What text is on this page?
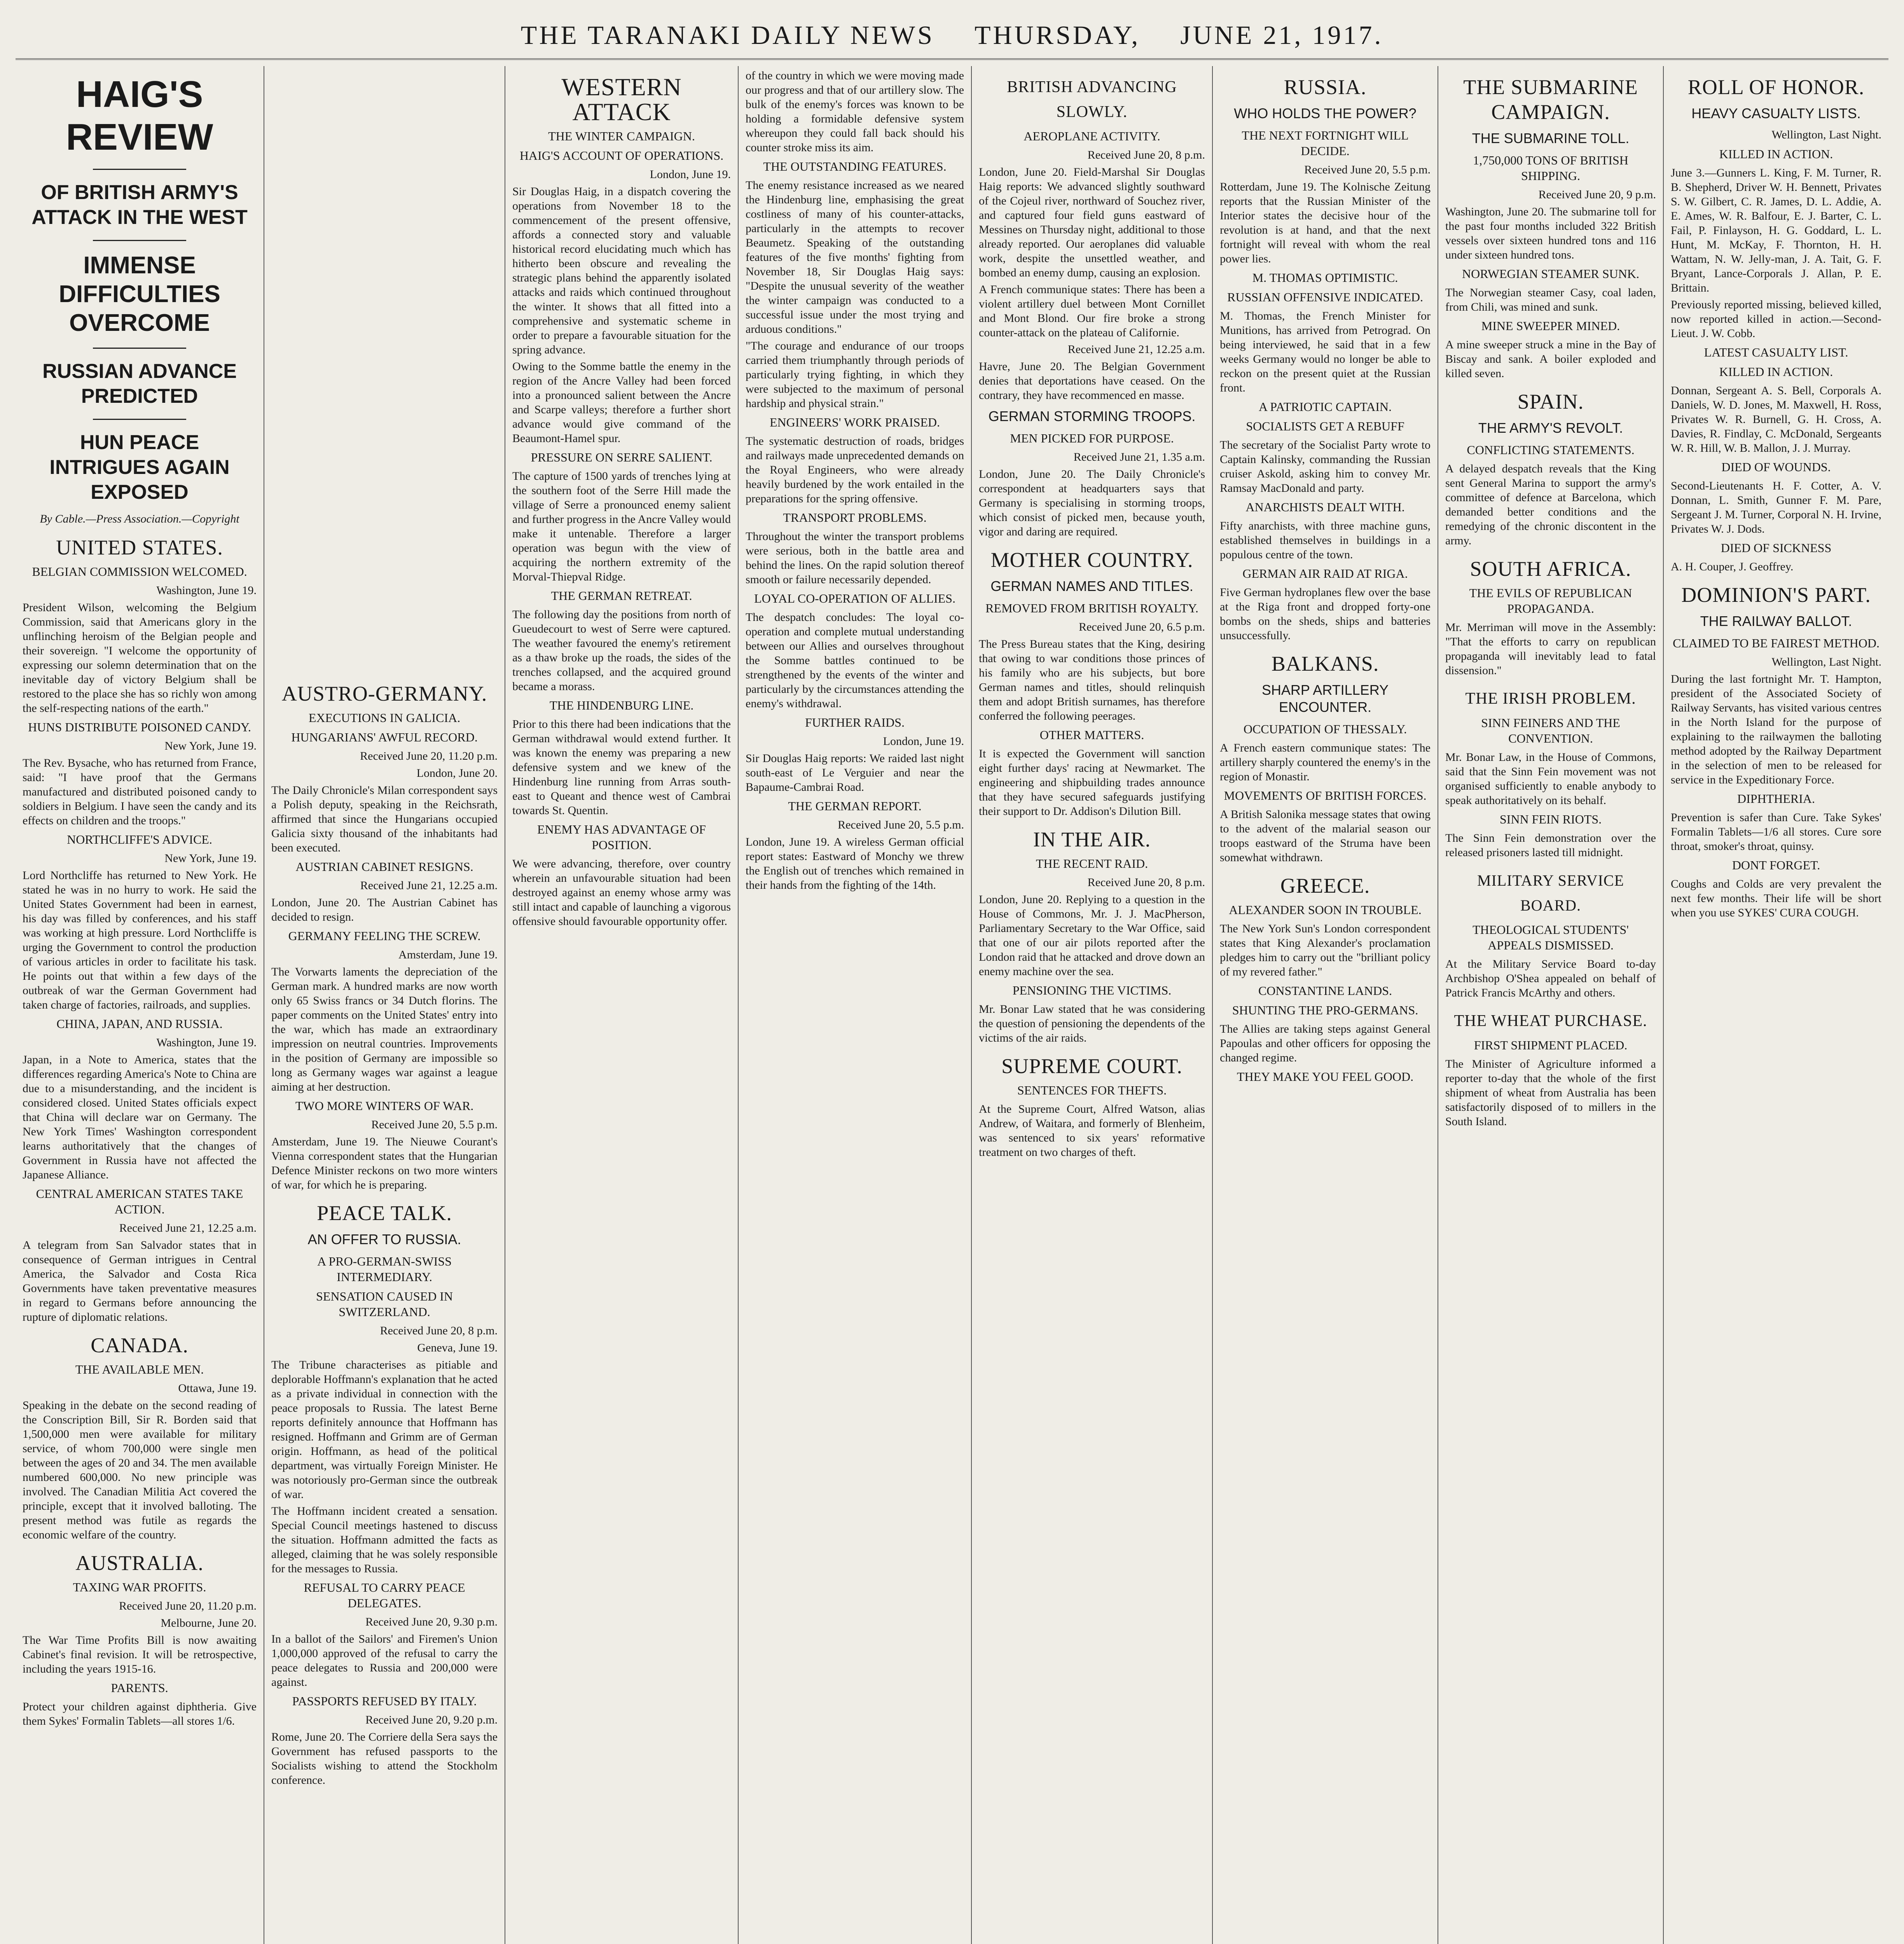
THE TARANAKI DAILY NEWS THURSDAY, JUNE 21, 1917.
HAIG'S REVIEW
OF BRITISH ARMY'S ATTACK IN THE WEST
IMMENSE DIFFICULTIES OVERCOME
RUSSIAN ADVANCE PREDICTED
HUN PEACE INTRIGUES AGAIN EXPOSED
By Cable.—Press Association.—Copyright
UNITED STATES.
BELGIAN COMMISSION WELCOMED.
Washington, June 19.
President Wilson, welcoming the Belgium Commission, said that Americans glory in the unflinching heroism of the Belgian people and their sovereign. "I welcome the opportunity of expressing our solemn determination that on the inevitable day of victory Belgium shall be restored to the place she has so richly won among the self-respecting nations of the earth."
HUNS DISTRIBUTE POISONED CANDY.
New York, June 19.
The Rev. Bysache, who has returned from France, said: "I have proof that the Germans manufactured and distributed poisoned candy to soldiers in Belgium. I have seen the candy and its effects on children and the troops."
NORTHCLIFFE'S ADVICE.
New York, June 19.
Lord Northcliffe has returned to New York. He stated he was in no hurry to work. He said the United States Government had been in earnest, his day was filled by conferences, and his staff was working at high pressure. Lord Northcliffe is urging the Government to control the production of various articles in order to facilitate his task. He points out that within a few days of the outbreak of war the German Government had taken charge of factories, railroads, and supplies.
CHINA, JAPAN, AND RUSSIA.
Washington, June 19.
Japan, in a Note to America, states that the differences regarding America's Note to China are due to a misunderstanding, and the incident is considered closed. United States officials expect that China will declare war on Germany. The New York Times' Washington correspondent learns authoritatively that the changes of Government in Russia have not affected the Japanese Alliance.
CENTRAL AMERICAN STATES TAKE ACTION.
Received June 21, 12.25 a.m.
A telegram from San Salvador states that in consequence of German intrigues in Central America, the Salvador and Costa Rica Governments have taken preventative measures in regard to Germans before announcing the rupture of diplomatic relations.
CANADA.
THE AVAILABLE MEN.
Ottawa, June 19.
Speaking in the debate on the second reading of the Conscription Bill, Sir R. Borden said that 1,500,000 men were available for military service, of whom 700,000 were single men between the ages of 20 and 34. The men available numbered 600,000. No new principle was involved. The Canadian Militia Act covered the principle, except that it involved balloting. The present method was futile as regards the economic welfare of the country.
AUSTRALIA.
TAXING WAR PROFITS.
Received June 20, 11.20 p.m.
Melbourne, June 20.
The War Time Profits Bill is now awaiting Cabinet's final revision. It will be retrospective, including the years 1915-16.
PARENTS.
Protect your children against diphtheria. Give them Sykes' Formalin Tablets—all stores 1/6.
AUSTRO-GERMANY.
EXECUTIONS IN GALICIA.
HUNGARIANS' AWFUL RECORD.
Received June 20, 11.20 p.m.
London, June 20.
The Daily Chronicle's Milan correspondent says a Polish deputy, speaking in the Reichsrath, affirmed that since the Hungarians occupied Galicia sixty thousand of the inhabitants had been executed.
AUSTRIAN CABINET RESIGNS.
Received June 21, 12.25 a.m.
London, June 20. The Austrian Cabinet has decided to resign.
GERMANY FEELING THE SCREW.
Amsterdam, June 19.
The Vorwarts laments the depreciation of the German mark. A hundred marks are now worth only 65 Swiss francs or 34 Dutch florins. The paper comments on the United States' entry into the war, which has made an extraordinary impression on neutral countries. Improvements in the position of Germany are impossible so long as Germany wages war against a league aiming at her destruction.
TWO MORE WINTERS OF WAR.
Received June 20, 5.5 p.m.
Amsterdam, June 19. The Nieuwe Courant's Vienna correspondent states that the Hungarian Defence Minister reckons on two more winters of war, for which he is preparing.
PEACE TALK.
AN OFFER TO RUSSIA.
A PRO-GERMAN-SWISS INTERMEDIARY.
SENSATION CAUSED IN SWITZERLAND.
Received June 20, 8 p.m.
Geneva, June 19.
The Tribune characterises as pitiable and deplorable Hoffmann's explanation that he acted as a private individual in connection with the peace proposals to Russia. The latest Berne reports definitely announce that Hoffmann has resigned. Hoffmann and Grimm are of German origin. Hoffmann, as head of the political department, was virtually Foreign Minister. He was notoriously pro-German since the outbreak of war.
The Hoffmann incident created a sensation. Special Council meetings hastened to discuss the situation. Hoffmann admitted the facts as alleged, claiming that he was solely responsible for the messages to Russia.
REFUSAL TO CARRY PEACE DELEGATES.
Received June 20, 9.30 p.m.
In a ballot of the Sailors' and Firemen's Union 1,000,000 approved of the refusal to carry the peace delegates to Russia and 200,000 were against.
PASSPORTS REFUSED BY ITALY.
Received June 20, 9.20 p.m.
Rome, June 20. The Corriere della Sera says the Government has refused passports to the Socialists wishing to attend the Stockholm conference.
WESTERN ATTACK
THE WINTER CAMPAIGN.
HAIG'S ACCOUNT OF OPERATIONS.
London, June 19.
Sir Douglas Haig, in a dispatch covering the operations from November 18 to the commencement of the present offensive, affords a connected story and valuable historical record elucidating much which has hitherto been obscure and revealing the strategic plans behind the apparently isolated attacks and raids which continued throughout the winter. It shows that all fitted into a comprehensive and systematic scheme in order to prepare a favourable situation for the spring advance.
Owing to the Somme battle the enemy in the region of the Ancre Valley had been forced into a pronounced salient between the Ancre and Scarpe valleys; therefore a further short advance would give command of the Beaumont-Hamel spur.
PRESSURE ON SERRE SALIENT.
The capture of 1500 yards of trenches lying at the southern foot of the Serre Hill made the village of Serre a pronounced enemy salient and further progress in the Ancre Valley would make it untenable. Therefore a larger operation was begun with the view of acquiring the northern extremity of the Morval-Thiepval Ridge.
THE GERMAN RETREAT.
The following day the positions from north of Gueudecourt to west of Serre were captured. The weather favoured the enemy's retirement as a thaw broke up the roads, the sides of the trenches collapsed, and the acquired ground became a morass.
THE HINDENBURG LINE.
Prior to this there had been indications that the German withdrawal would extend further. It was known the enemy was preparing a new defensive system and we knew of the Hindenburg line running from Arras south-east to Queant and thence west of Cambrai towards St. Quentin.
ENEMY HAS ADVANTAGE OF POSITION.
We were advancing, therefore, over country wherein an unfavourable situation had been destroyed against an enemy whose army was still intact and capable of launching a vigorous offensive should favourable opportunity offer.
of the country in which we were moving made our progress and that of our artillery slow. The bulk of the enemy's forces was known to be holding a formidable defensive system whereupon they could fall back should his counter stroke miss its aim.
THE OUTSTANDING FEATURES.
The enemy resistance increased as we neared the Hindenburg line, emphasising the great costliness of many of his counter-attacks, particularly in the attempts to recover Beaumetz. Speaking of the outstanding features of the five months' fighting from November 18, Sir Douglas Haig says: "Despite the unusual severity of the weather the winter campaign was conducted to a successful issue under the most trying and arduous conditions."
"The courage and endurance of our troops carried them triumphantly through periods of particularly trying fighting, in which they were subjected to the maximum of personal hardship and physical strain."
ENGINEERS' WORK PRAISED.
The systematic destruction of roads, bridges and railways made unprecedented demands on the Royal Engineers, who were already heavily burdened by the work entailed in the preparations for the spring offensive.
TRANSPORT PROBLEMS.
Throughout the winter the transport problems were serious, both in the battle area and behind the lines. On the rapid solution thereof smooth or failure necessarily depended.
LOYAL CO-OPERATION OF ALLIES.
The despatch concludes: The loyal co-operation and complete mutual understanding between our Allies and ourselves throughout the Somme battles continued to be strengthened by the events of the winter and particularly by the circumstances attending the enemy's withdrawal.
FURTHER RAIDS.
London, June 19.
Sir Douglas Haig reports: We raided last night south-east of Le Verguier and near the Bapaume-Cambrai Road.
THE GERMAN REPORT.
Received June 20, 5.5 p.m.
London, June 19. A wireless German official report states: Eastward of Monchy we threw the English out of trenches which remained in their hands from the fighting of the 14th.
BRITISH ADVANCING SLOWLY.
AEROPLANE ACTIVITY.
Received June 20, 8 p.m.
London, June 20. Field-Marshal Sir Douglas Haig reports: We advanced slightly southward of the Cojeul river, northward of Souchez river, and captured four field guns eastward of Messines on Thursday night, additional to those already reported. Our aeroplanes did valuable work, despite the unsettled weather, and bombed an enemy dump, causing an explosion.
A French communique states: There has been a violent artillery duel between Mont Cornillet and Mont Blond. Our fire broke a strong counter-attack on the plateau of Californie.
Received June 21, 12.25 a.m.
Havre, June 20. The Belgian Government denies that deportations have ceased. On the contrary, they have recommenced en masse.
GERMAN STORMING TROOPS.
MEN PICKED FOR PURPOSE.
Received June 21, 1.35 a.m.
London, June 20. The Daily Chronicle's correspondent at headquarters says that Germany is specialising in storming troops, which consist of picked men, because youth, vigor and daring are required.
MOTHER COUNTRY.
GERMAN NAMES AND TITLES.
REMOVED FROM BRITISH ROYALTY.
Received June 20, 6.5 p.m.
The Press Bureau states that the King, desiring that owing to war conditions those princes of his family who are his subjects, but bore German names and titles, should relinquish them and adopt British surnames, has therefore conferred the following peerages.
OTHER MATTERS.
It is expected the Government will sanction eight further days' racing at Newmarket. The engineering and shipbuilding trades announce that they have secured safeguards justifying their support to Dr. Addison's Dilution Bill.
IN THE AIR.
THE RECENT RAID.
Received June 20, 8 p.m.
London, June 20. Replying to a question in the House of Commons, Mr. J. J. MacPherson, Parliamentary Secretary to the War Office, said that one of our air pilots reported after the London raid that he attacked and drove down an enemy machine over the sea.
PENSIONING THE VICTIMS.
Mr. Bonar Law stated that he was considering the question of pensioning the dependents of the victims of the air raids.
SUPREME COURT.
SENTENCES FOR THEFTS.
At the Supreme Court, Alfred Watson, alias Andrew, of Waitara, and formerly of Blenheim, was sentenced to six years' reformative treatment on two charges of theft.
RUSSIA.
WHO HOLDS THE POWER?
THE NEXT FORTNIGHT WILL DECIDE.
Received June 20, 5.5 p.m.
Rotterdam, June 19. The Kolnische Zeitung reports that the Russian Minister of the Interior states the decisive hour of the revolution is at hand, and that the next fortnight will reveal with whom the real power lies.
M. THOMAS OPTIMISTIC.
RUSSIAN OFFENSIVE INDICATED.
M. Thomas, the French Minister for Munitions, has arrived from Petrograd. On being interviewed, he said that in a few weeks Germany would no longer be able to reckon on the present quiet at the Russian front.
A PATRIOTIC CAPTAIN.
SOCIALISTS GET A REBUFF
The secretary of the Socialist Party wrote to Captain Kalinsky, commanding the Russian cruiser Askold, asking him to convey Mr. Ramsay MacDonald and party.
ANARCHISTS DEALT WITH.
Fifty anarchists, with three machine guns, established themselves in buildings in a populous centre of the town.
GERMAN AIR RAID AT RIGA.
Five German hydroplanes flew over the base at the Riga front and dropped forty-one bombs on the sheds, ships and batteries unsuccessfully.
BALKANS.
SHARP ARTILLERY ENCOUNTER.
OCCUPATION OF THESSALY.
A French eastern communique states: The artillery sharply countered the enemy's in the region of Monastir.
MOVEMENTS OF BRITISH FORCES.
A British Salonika message states that owing to the advent of the malarial season our troops eastward of the Struma have been somewhat withdrawn.
GREECE.
ALEXANDER SOON IN TROUBLE.
The New York Sun's London correspondent states that King Alexander's proclamation pledges him to carry out the "brilliant policy of my revered father."
CONSTANTINE LANDS.
SHUNTING THE PRO-GERMANS.
The Allies are taking steps against General Papoulas and other officers for opposing the changed regime.
THEY MAKE YOU FEEL GOOD.
THE SUBMARINE CAMPAIGN.
THE SUBMARINE TOLL.
1,750,000 TONS OF BRITISH SHIPPING.
Received June 20, 9 p.m.
Washington, June 20. The submarine toll for the past four months included 322 British vessels over sixteen hundred tons and 116 under sixteen hundred tons.
NORWEGIAN STEAMER SUNK.
The Norwegian steamer Casy, coal laden, from Chili, was mined and sunk.
MINE SWEEPER MINED.
A mine sweeper struck a mine in the Bay of Biscay and sank. A boiler exploded and killed seven.
SPAIN.
THE ARMY'S REVOLT.
CONFLICTING STATEMENTS.
A delayed despatch reveals that the King sent General Marina to support the army's committee of defence at Barcelona, which demanded better conditions and the remedying of the chronic discontent in the army.
SOUTH AFRICA.
THE EVILS OF REPUBLICAN PROPAGANDA.
Mr. Merriman will move in the Assembly: "That the efforts to carry on republican propaganda will inevitably lead to fatal dissension."
THE IRISH PROBLEM.
SINN FEINERS AND THE CONVENTION.
Mr. Bonar Law, in the House of Commons, said that the Sinn Fein movement was not organised sufficiently to enable anybody to speak authoritatively on its behalf.
SINN FEIN RIOTS.
The Sinn Fein demonstration over the released prisoners lasted till midnight.
MILITARY SERVICE BOARD.
THEOLOGICAL STUDENTS' APPEALS DISMISSED.
At the Military Service Board to-day Archbishop O'Shea appealed on behalf of Patrick Francis McArthy and others.
THE WHEAT PURCHASE.
FIRST SHIPMENT PLACED.
The Minister of Agriculture informed a reporter to-day that the whole of the first shipment of wheat from Australia has been satisfactorily disposed of to millers in the South Island.
ROLL OF HONOR.
HEAVY CASUALTY LISTS.
Wellington, Last Night.
KILLED IN ACTION.
June 3.—Gunners L. King, F. M. Turner, R. B. Shepherd, Driver W. H. Bennett, Privates S. W. Gilbert, C. R. James, D. L. Addie, A. E. Ames, W. R. Balfour, E. J. Barter, C. L. Fail, P. Finlayson, H. G. Goddard, L. L. Hunt, M. McKay, F. Thornton, H. H. Wattam, N. W. Jelly-man, J. A. Tait, G. F. Bryant, Lance-Corporals J. Allan, P. E. Brittain.
Previously reported missing, believed killed, now reported killed in action.—Second-Lieut. J. W. Cobb.
LATEST CASUALTY LIST.
KILLED IN ACTION.
Donnan, Sergeant A. S. Bell, Corporals A. Daniels, W. D. Jones, M. Maxwell, H. Ross, Privates W. R. Burnell, G. H. Cross, A. Davies, R. Findlay, C. McDonald, Sergeants W. R. Hill, W. B. Mallon, J. J. Murray.
DIED OF WOUNDS.
Second-Lieutenants H. F. Cotter, A. V. Donnan, L. Smith, Gunner F. M. Pare, Sergeant J. M. Turner, Corporal N. H. Irvine, Privates W. J. Dods.
DIED OF SICKNESS
A. H. Couper, J. Geoffrey.
DOMINION'S PART.
THE RAILWAY BALLOT.
CLAIMED TO BE FAIREST METHOD.
Wellington, Last Night.
During the last fortnight Mr. T. Hampton, president of the Associated Society of Railway Servants, has visited various centres in the North Island for the purpose of explaining to the railwaymen the balloting method adopted by the Railway Department in the selection of men to be released for service in the Expeditionary Force.
DIPHTHERIA.
Prevention is safer than Cure. Take Sykes' Formalin Tablets—1/6 all stores. Cure sore throat, smoker's throat, quinsy.
DONT FORGET.
Coughs and Colds are very prevalent the next few months. Their life will be short when you use SYKES' CURA COUGH.
